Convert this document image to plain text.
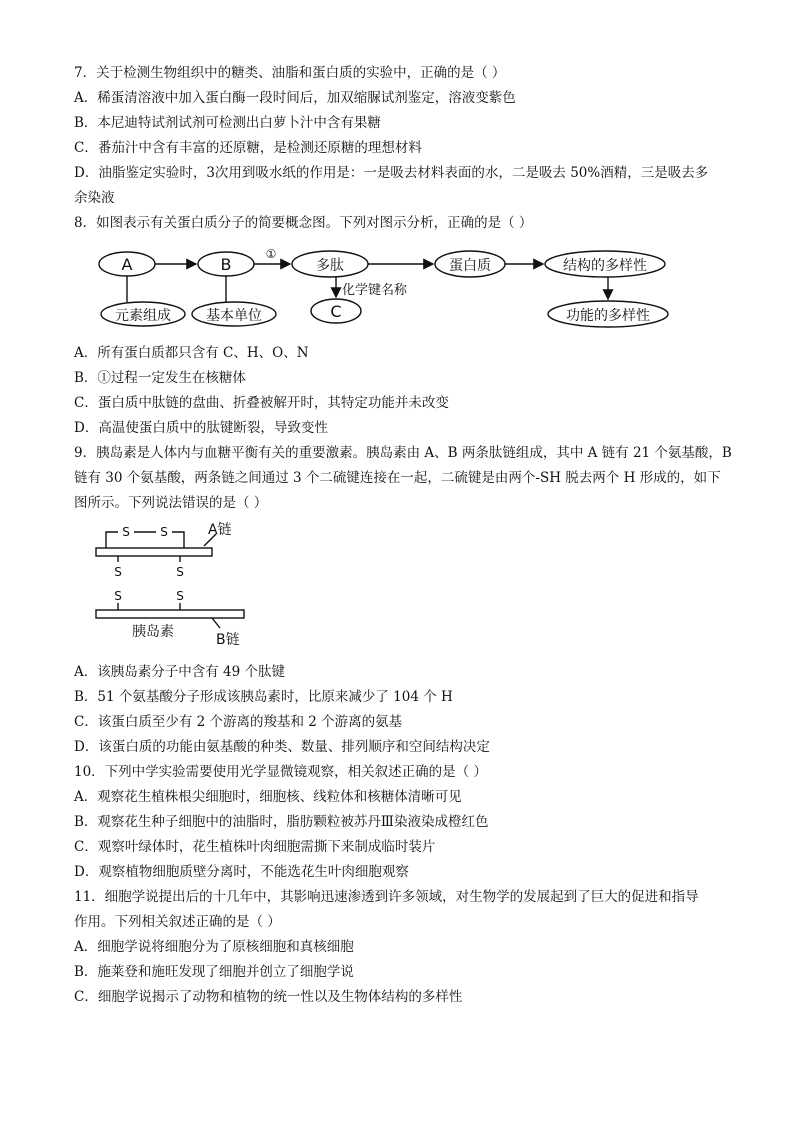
7．关于检测生物组织中的糖类、油脂和蛋白质的实验中，正确的是（ ）
A．稀蛋清溶液中加入蛋白酶一段时间后，加双缩脲试剂鉴定，溶液变紫色
B．本尼迪特试剂试剂可检测出白萝卜汁中含有果糖
C．番茄汁中含有丰富的还原糖，是检测还原糖的理想材料
D．油脂鉴定实验时，3次用到吸水纸的作用是：一是吸去材料表面的水，二是吸去 50%酒精，三是吸去多
余染液
8．如图表示有关蛋白质分子的简要概念图。下列对图示分析，正确的是（ ）
A	B
①
多肽	蛋白质	结构的多样性
元素组成	基本单位
化学键名称
C	功能的多样性
A．所有蛋白质都只含有 C、H、O、N
B．①过程一定发生在核糖体
C．蛋白质中肽链的盘曲、折叠被解开时，其特定功能并未改变
D．高温使蛋白质中的肽键断裂，导致变性
9．胰岛素是人体内与血糖平衡有关的重要激素。胰岛素由 A、B 两条肽链组成，其中 A 链有 21 个氨基酸，B
链有 30 个氨基酸，两条链之间通过 3 个二硫键连接在一起，二硫键是由两个-SH 脱去两个 H 形成的，如下
图所示。下列说法错误的是（ ）
S	S
S
S
S
S
A链
胰岛素	B链
A．该胰岛素分子中含有 49 个肽键
B．51 个氨基酸分子形成该胰岛素时，比原来减少了 104 个 H
C．该蛋白质至少有 2 个游离的羧基和 2 个游离的氨基
D．该蛋白质的功能由氨基酸的种类、数量、排列顺序和空间结构决定
10．下列中学实验需要使用光学显微镜观察，相关叙述正确的是（ ）
A．观察花生植株根尖细胞时，细胞核、线粒体和核糖体清晰可见
B．观察花生种子细胞中的油脂时，脂肪颗粒被苏丹Ⅲ染液染成橙红色
C．观察叶绿体时，花生植株叶肉细胞需撕下来制成临时装片
D．观察植物细胞质壁分离时，不能选花生叶肉细胞观察
11．细胞学说提出后的十几年中，其影响迅速渗透到许多领域，对生物学的发展起到了巨大的促进和指导
作用。下列相关叙述正确的是（ ）
A．细胞学说将细胞分为了原核细胞和真核细胞
B．施莱登和施旺发现了细胞并创立了细胞学说
C．细胞学说揭示了动物和植物的统一性以及生物体结构的多样性
